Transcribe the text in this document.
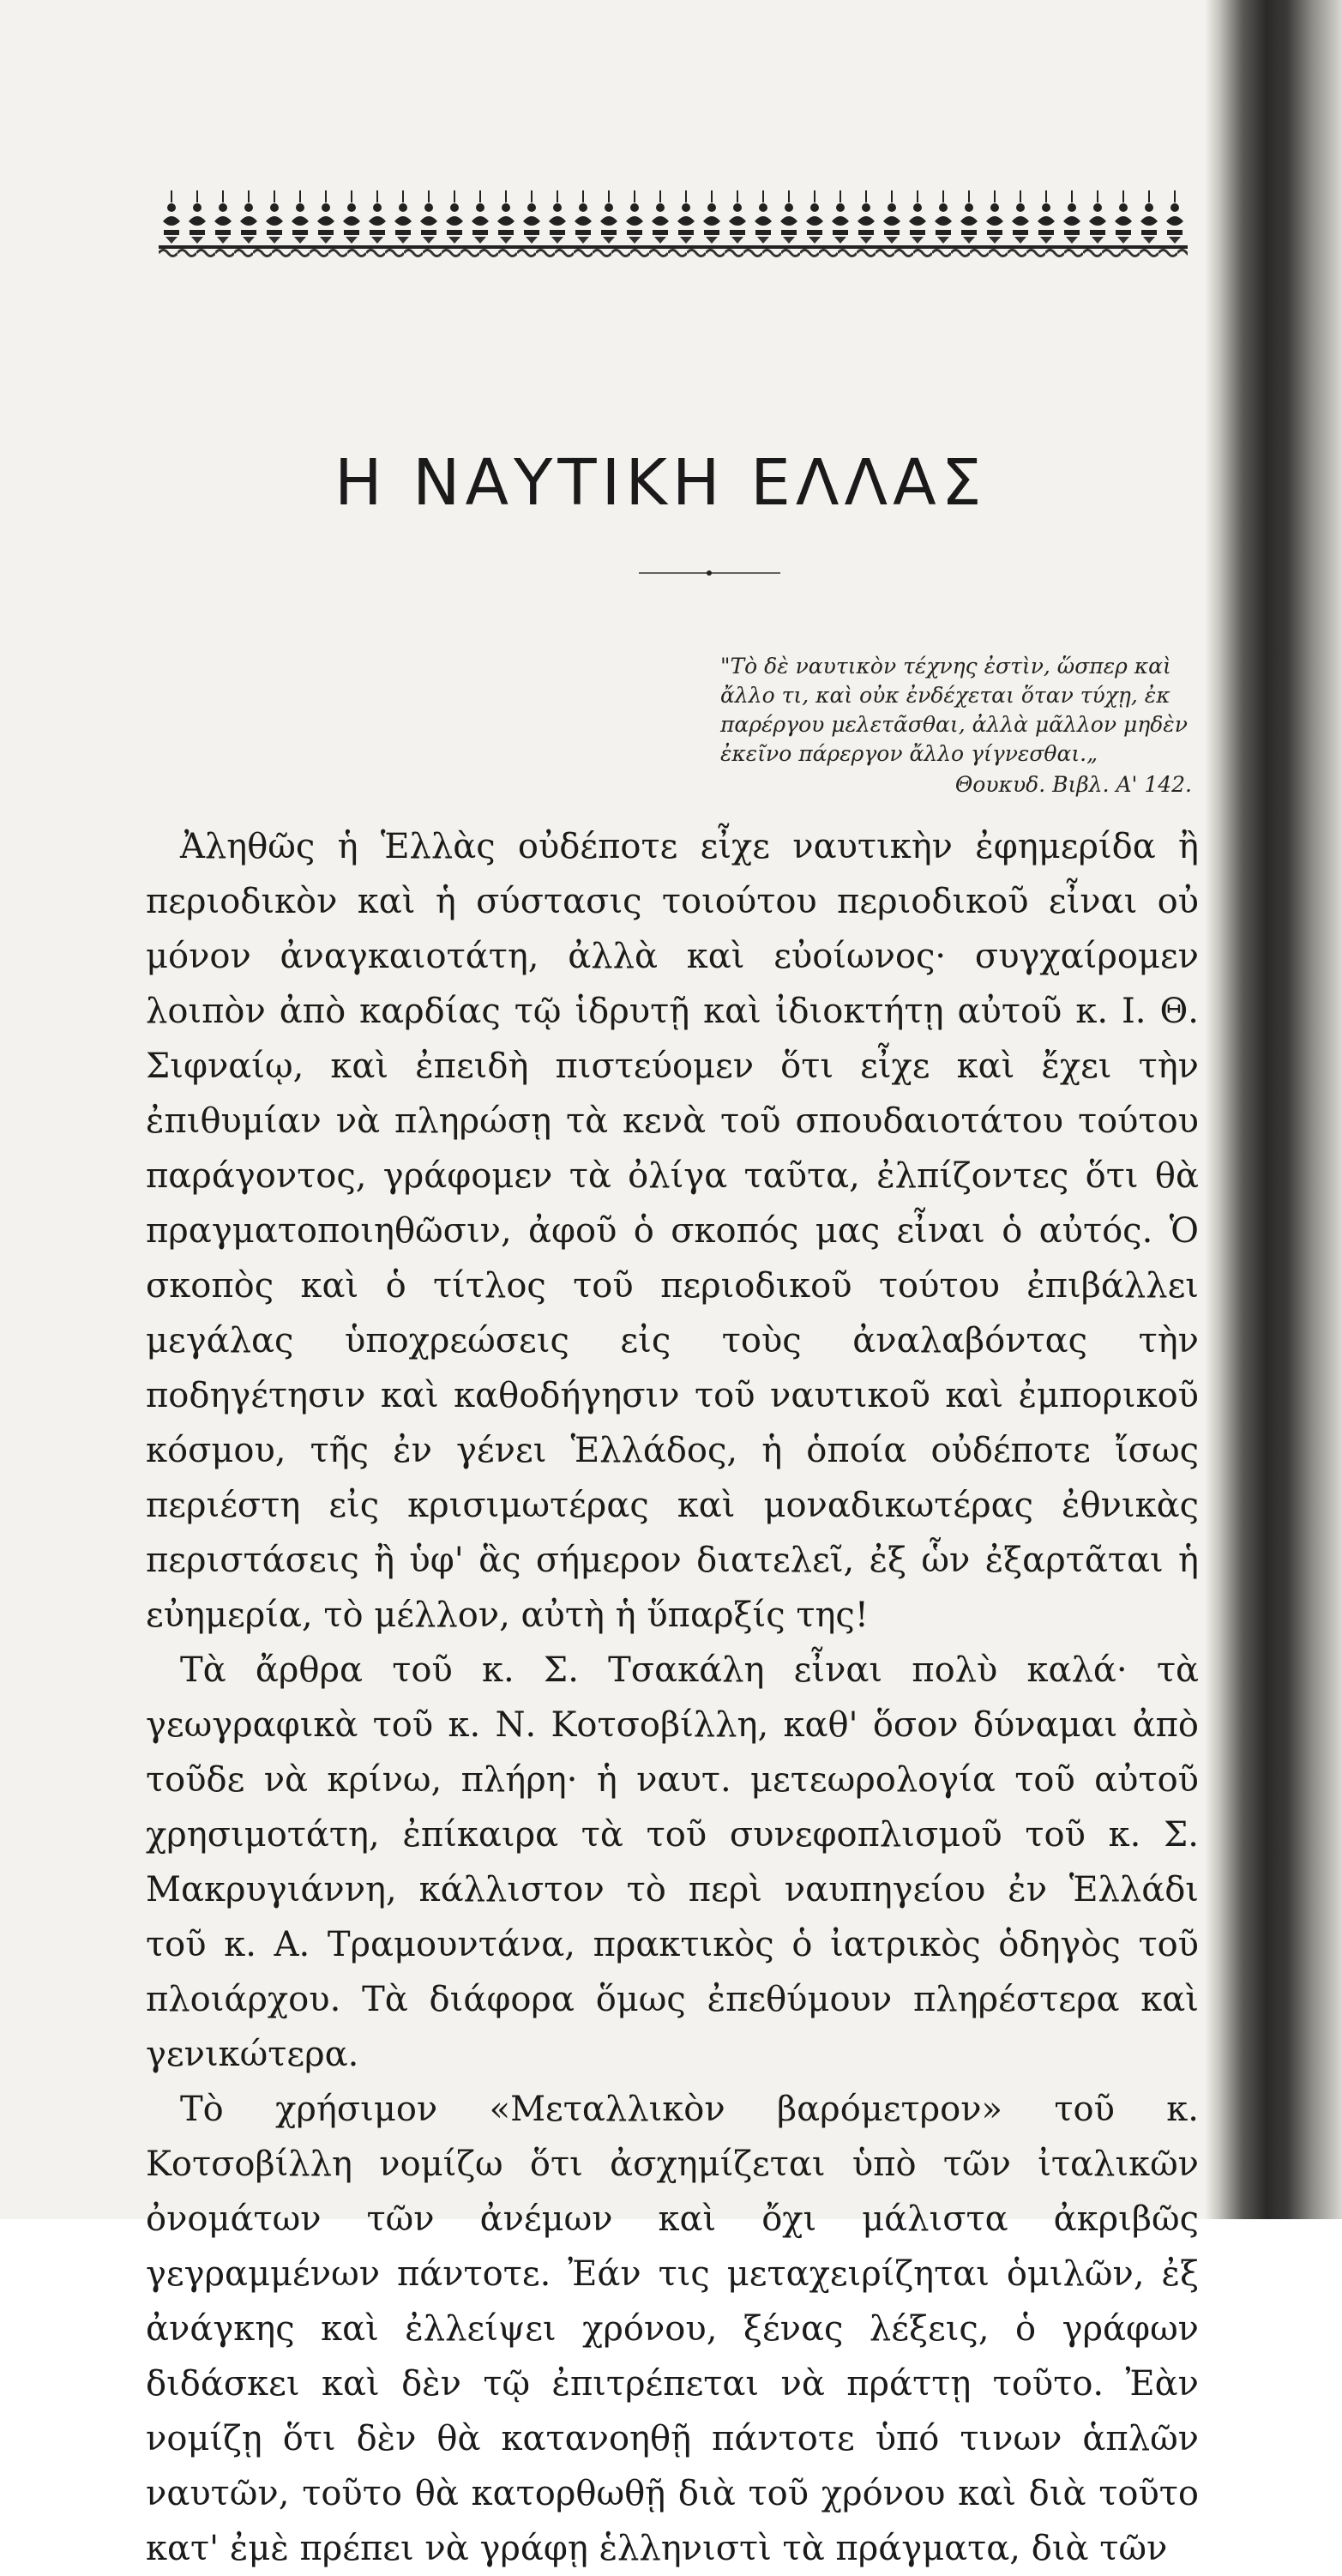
Η ΝΑΥΤΙΚΗ ΕΛΛΑΣ
"Τὸ δὲ ναυτικὸν τέχνης ἐστὶν, ὥσπερ καὶ ἄλλο τι, καὶ οὐκ ἐνδέχεται ὅταν τύχῃ, ἐκ παρέργου μελετᾶσθαι, ἀλλὰ μᾶλλον μηδὲν ἐκεῖνο πάρεργον ἄλλο γίγνεσθαι.„
Θουκυδ. Βιβλ. Α' 142.

Ἀληθῶς ἡ Ἑλλὰς οὐδέποτε εἶχε ναυτικὴν ἐφημερίδα ἢ περιοδικὸν καὶ ἡ σύστασις τοιούτου περιοδικοῦ εἶναι οὐ μόνον ἀναγκαιοτάτη, ἀλλὰ καὶ εὐοίωνος· συγχαίρομεν λοιπὸν ἀπὸ καρδίας τῷ ἱδρυτῇ καὶ ἰδιοκτήτῃ αὐτοῦ κ. Ι. Θ. Σιφναίῳ, καὶ ἐπειδὴ πιστεύομεν ὅτι εἶχε καὶ ἔχει τὴν ἐπιθυμίαν νὰ πληρώσῃ τὰ κενὰ τοῦ σπουδαιοτάτου τούτου παράγοντος, γράφομεν τὰ ὀλίγα ταῦτα, ἐλπίζοντες ὅτι θὰ πραγματοποιηθῶσιν, ἀφοῦ ὁ σκοπός μας εἶναι ὁ αὐτός. Ὁ σκοπὸς καὶ ὁ τίτλος τοῦ περιοδικοῦ τούτου ἐπιβάλλει μεγάλας ὑποχρεώσεις εἰς τοὺς ἀναλαβόντας τὴν ποδηγέτησιν καὶ καθοδήγησιν τοῦ ναυτικοῦ καὶ ἐμπορικοῦ κόσμου, τῆς ἐν γένει Ἑλλάδος, ἡ ὁποία οὐδέποτε ἴσως περιέστη εἰς κρισιμωτέρας καὶ μοναδικωτέρας ἐθνικὰς περιστάσεις ἢ ὑφ' ἃς σήμερον διατελεῖ, ἐξ ὧν ἐξαρτᾶται ἡ εὐημερία, τὸ μέλλον, αὐτὴ ἡ ὕπαρξίς της!

Τὰ ἄρθρα τοῦ κ. Σ. Τσακάλη εἶναι πολὺ καλά· τὰ γεωγραφικὰ τοῦ κ. Ν. Κοτσοβίλλη, καθ' ὅσον δύναμαι ἀπὸ τοῦδε νὰ κρίνω, πλήρη· ἡ ναυτ. μετεωρολογία τοῦ αὐτοῦ χρησιμοτάτη, ἐπίκαιρα τὰ τοῦ συνεφοπλισμοῦ τοῦ κ. Σ. Μακρυγιάννη, κάλλιστον τὸ περὶ ναυπηγείου ἐν Ἑλλάδι τοῦ κ. Α. Τραμουντάνα, πρακτικὸς ὁ ἰατρικὸς ὁδηγὸς τοῦ πλοιάρχου. Τὰ διάφορα ὅμως ἐπεθύμουν πληρέστερα καὶ γενικώτερα.

Τὸ χρήσιμον «Μεταλλικὸν βαρόμετρον» τοῦ κ. Κοτσοβίλλη νομίζω ὅτι ἀσχημίζεται ὑπὸ τῶν ἰταλικῶν ὀνομάτων τῶν ἀνέμων καὶ ὄχι μάλιστα ἀκριβῶς γεγραμμένων πάντοτε. Ἐάν τις μεταχειρίζηται ὁμιλῶν, ἐξ ἀνάγκης καὶ ἐλλείψει χρόνου, ξένας λέξεις, ὁ γράφων διδάσκει καὶ δὲν τῷ ἐπιτρέπεται νὰ πράττῃ τοῦτο. Ἐὰν νομίζῃ ὅτι δὲν θὰ κατανοηθῇ πάντοτε ὑπό τινων ἁπλῶν ναυτῶν, τοῦτο θὰ κατορθωθῇ διὰ τοῦ χρόνου καὶ διὰ τοῦτο κατ' ἐμὲ πρέπει νὰ γράφῃ ἑλληνιστὶ τὰ πράγματα, διὰ τῶν
